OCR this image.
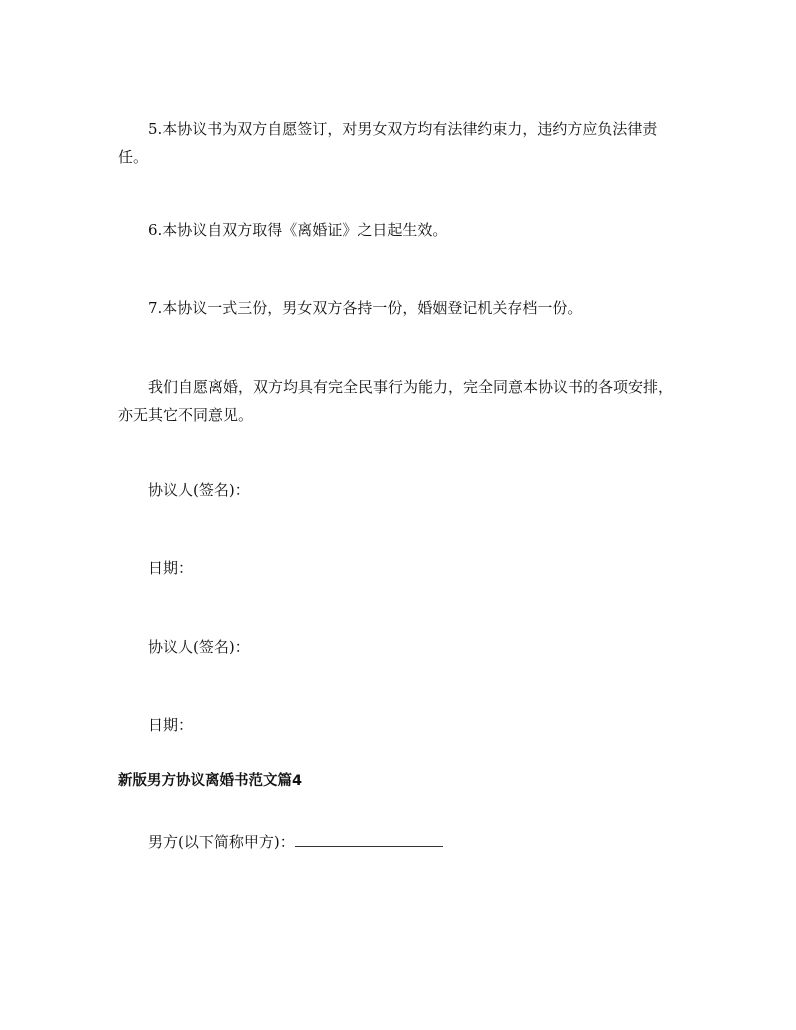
5.本协议书为双方自愿签订，对男女双方均有法律约束力，违约方应负法律责任。

6.本协议自双方取得《离婚证》之日起生效。

7.本协议一式三份，男女双方各持一份，婚姻登记机关存档一份。

我们自愿离婚，双方均具有完全民事行为能力，完全同意本协议书的各项安排，亦无其它不同意见。

协议人(签名)：

日期：

协议人(签名)：

日期：

新版男方协议离婚书范文篇4

男方(以下简称甲方)：
